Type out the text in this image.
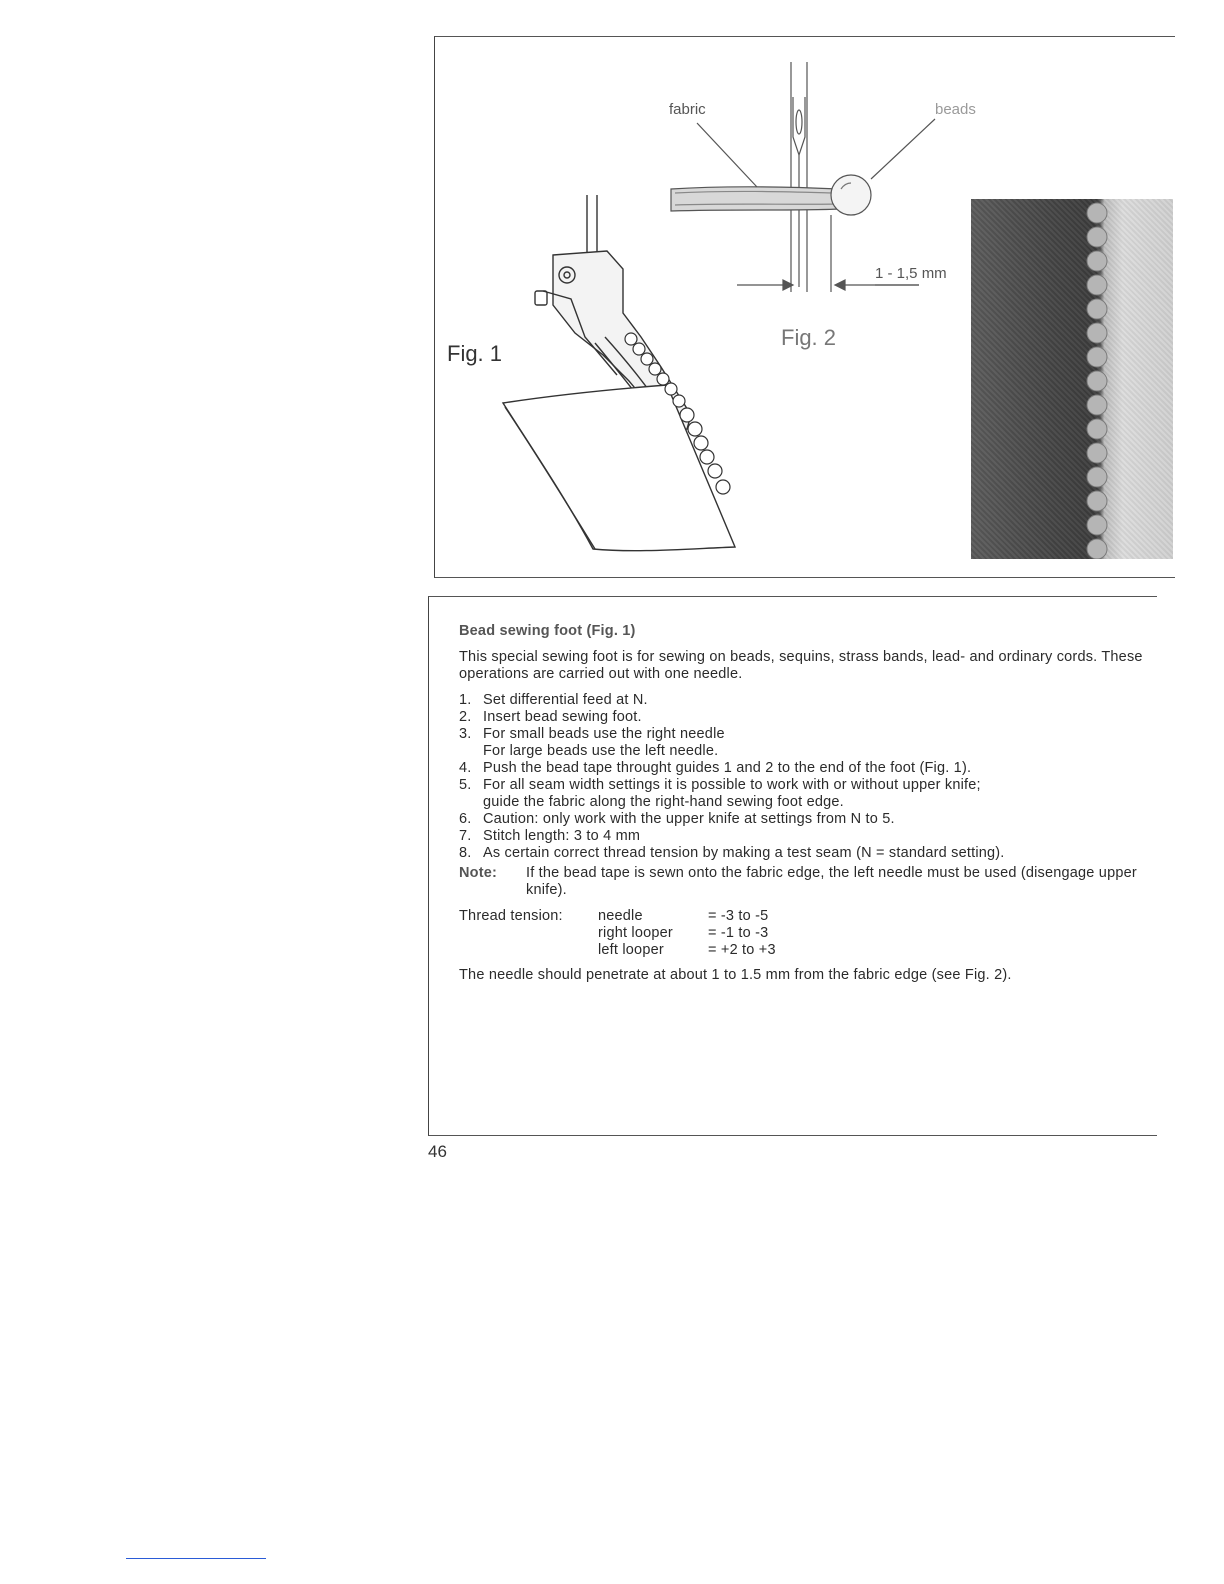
fabric	beads
1 - 1,5 mm
Fig. 2
Fig. 1
Bead sewing foot (Fig. 1)
This special sewing foot is for sewing on beads, sequins, strass bands, lead- and ordinary cords. These operations are carried out with one needle.
1. Set differential feed at N.
2. Insert bead sewing foot.
3. For small beads use the right needle
For large beads use the left needle.
4. Push the bead tape throught guides 1 and 2 to the end of the foot (Fig. 1).
5. For all seam width settings it is possible to work with or without upper knife;
guide the fabric along the right-hand sewing foot edge.
6. Caution: only work with the upper knife at settings from N to 5.
7. Stitch length: 3 to 4 mm
8. As certain correct thread tension by making a test seam (N = standard setting).
Note:	If the bead tape is sewn onto the fabric edge, the left needle must be used (disengage upper knife).
Thread tension:	needle	= -3 to -5
right looper	= -1 to -3
left looper	= +2 to +3
The needle should penetrate at about 1 to 1.5 mm from the fabric edge (see Fig. 2).
46
